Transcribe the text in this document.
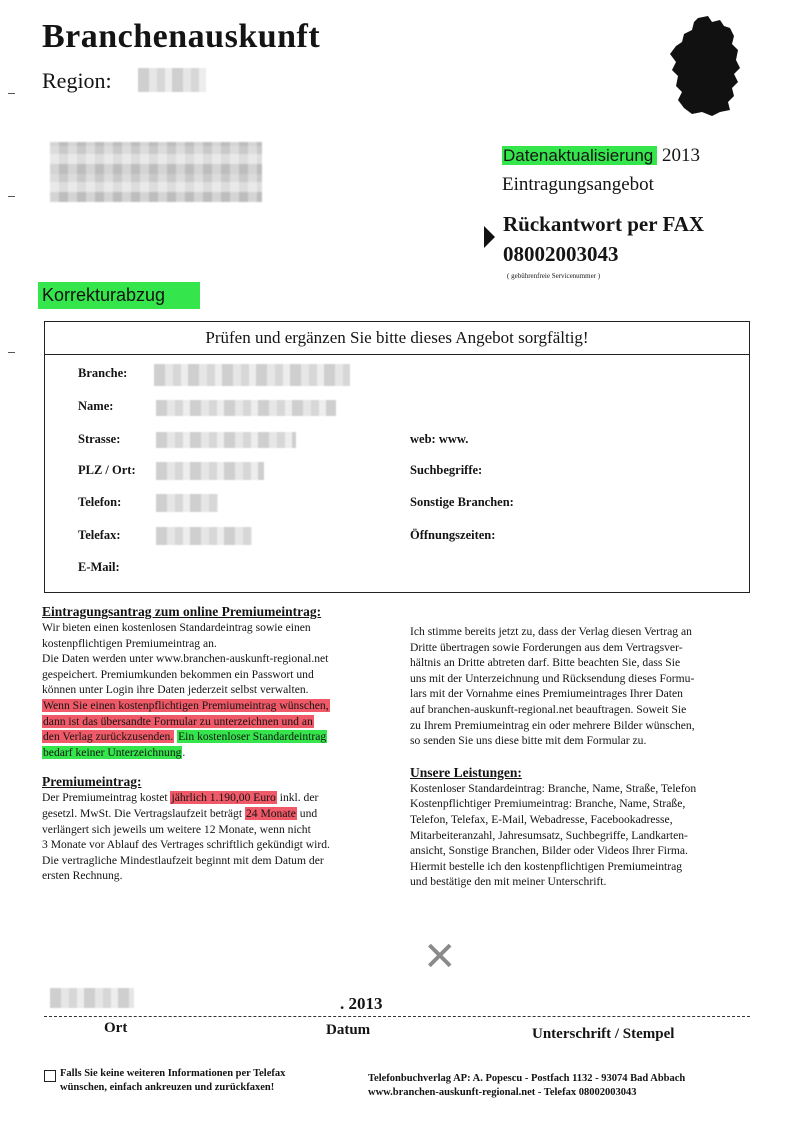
Branchenauskunft
Region:
Datenaktualisierung 2013
Eintragungsangebot
Rückantwort per FAX
08002003043
( gebührenfreie Servicenummer )
Korrekturabzug
Prüfen und ergänzen Sie bitte dieses Angebot sorgfältig!
Branche:
Name:
Strasse:
PLZ / Ort:
Telefon:
Telefax:
E-Mail:
web: www.
Suchbegriffe:
Sonstige Branchen:
Öffnungszeiten:
Eintragungsantrag zum online Premiumeintrag:
Wir bieten einen kostenlosen Standardeintrag sowie einen
kostenpflichtigen Premiumeintrag an.
Die Daten werden unter www.branchen-auskunft-regional.net
gespeichert. Premiumkunden bekommen ein Passwort und
können unter Login ihre Daten jederzeit selbst verwalten.
Wenn Sie einen kostenpflichtigen Premiumeintrag wünschen,
dann ist das übersandte Formular zu unterzeichnen und an
den Verlag zurückzusenden. Ein kostenloser Standardeintrag
bedarf keiner Unterzeichnung.
Premiumeintrag:
Der Premiumeintrag kostet jährlich 1.190,00 Euro inkl. der
gesetzl. MwSt. Die Vertragslaufzeit beträgt 24 Monate und
verlängert sich jeweils um weitere 12 Monate, wenn nicht
3 Monate vor Ablauf des Vertrages schriftlich gekündigt wird.
Die vertragliche Mindestlaufzeit beginnt mit dem Datum der
ersten Rechnung.
Ich stimme bereits jetzt zu, dass der Verlag diesen Vertrag an
Dritte übertragen sowie Forderungen aus dem Vertragsver-
hältnis an Dritte abtreten darf. Bitte beachten Sie, dass Sie
uns mit der Unterzeichnung und Rücksendung dieses Formu-
lars mit der Vornahme eines Premiumeintrages Ihrer Daten
auf branchen-auskunft-regional.net beauftragen. Soweit Sie
zu Ihrem Premiumeintrag ein oder mehrere Bilder wünschen,
so senden Sie uns diese bitte mit dem Formular zu.
Unsere Leistungen:
Kostenloser Standardeintrag: Branche, Name, Straße, Telefon
Kostenpflichtiger Premiumeintrag: Branche, Name, Straße,
Telefon, Telefax, E-Mail, Webadresse, Facebookadresse,
Mitarbeiteranzahl, Jahresumsatz, Suchbegriffe, Landkarten-
ansicht, Sonstige Branchen, Bilder oder Videos Ihrer Firma.
Hiermit bestelle ich den kostenpflichtigen Premiumeintrag
und bestätige den mit meiner Unterschrift.
✕
. 2013
Ort	Datum	Unterschrift / Stempel
Falls Sie keine weiteren Informationen per Telefax
wünschen, einfach ankreuzen und zurückfaxen!
Telefonbuchverlag AP: A. Popescu - Postfach 1132 - 93074 Bad Abbach
www.branchen-auskunft-regional.net - Telefax 08002003043
